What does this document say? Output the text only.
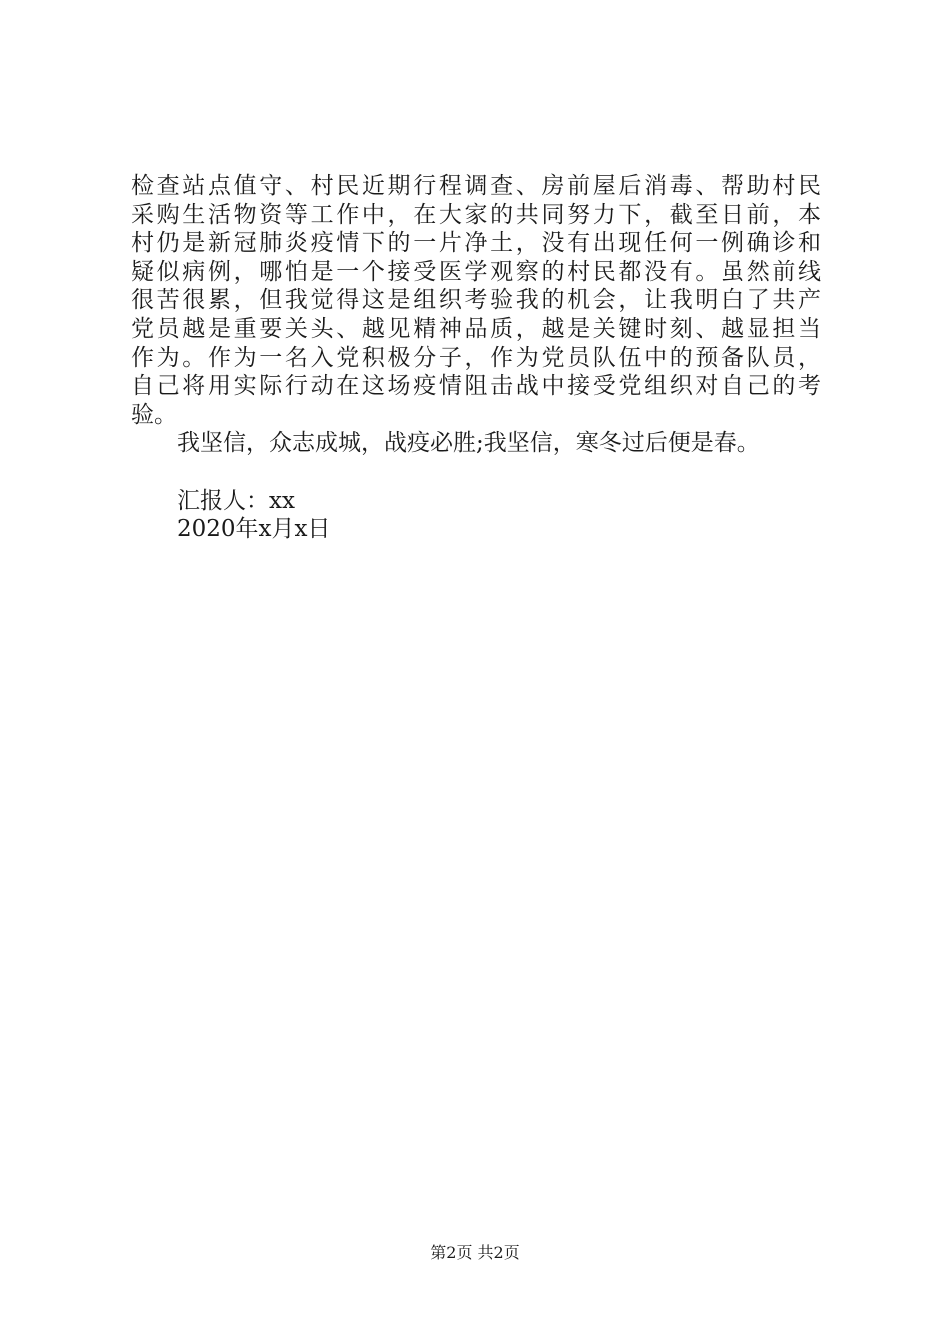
检查站点值守、村民近期行程调查、房前屋后消毒、帮助村民
采购生活物资等工作中，在大家的共同努力下，截至日前，本
村仍是新冠肺炎疫情下的一片净土，没有出现任何一例确诊和
疑似病例，哪怕是一个接受医学观察的村民都没有。虽然前线
很苦很累，但我觉得这是组织考验我的机会，让我明白了共产
党员越是重要关头、越见精神品质，越是关键时刻、越显担当
作为。作为一名入党积极分子，作为党员队伍中的预备队员，
自己将用实际行动在这场疫情阻击战中接受党组织对自己的考
验。
我坚信，众志成城，战疫必胜;我坚信，寒冬过后便是春。
汇报人：xx
2020年x月x日
第2页 共2页
